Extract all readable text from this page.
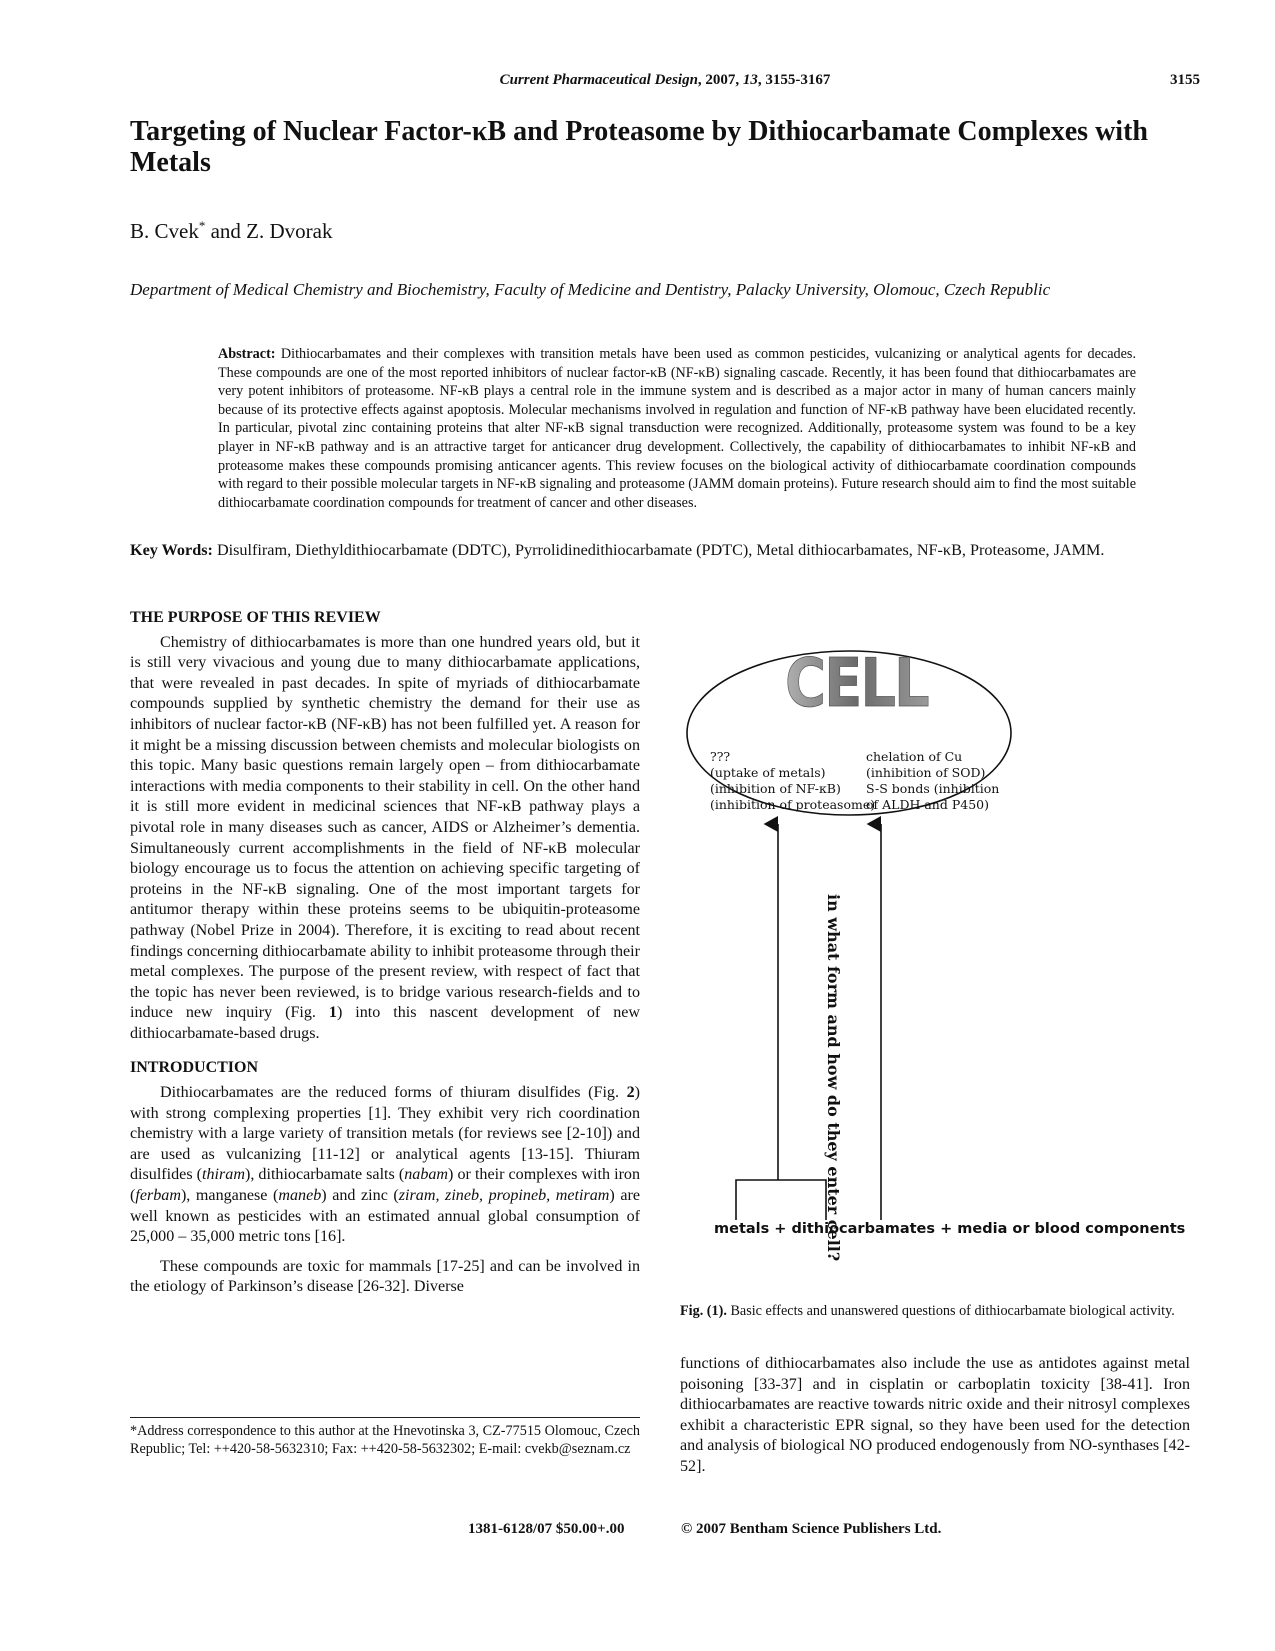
Current Pharmaceutical Design, 2007, 13, 3155-3167	3155
Targeting of Nuclear Factor-κB and Proteasome by Dithiocarbamate Complexes with Metals
B. Cvek* and Z. Dvorak
Department of Medical Chemistry and Biochemistry, Faculty of Medicine and Dentistry, Palacky University, Olomouc, Czech Republic
Abstract: Dithiocarbamates and their complexes with transition metals have been used as common pesticides, vulcanizing or analytical agents for decades. These compounds are one of the most reported inhibitors of nuclear factor-κB (NF-κB) signaling cascade. Recently, it has been found that dithiocarbamates are very potent inhibitors of proteasome. NF-κB plays a central role in the immune system and is described as a major actor in many of human cancers mainly because of its protective effects against apoptosis. Molecular mechanisms involved in regulation and function of NF-κB pathway have been elucidated recently. In particular, pivotal zinc containing proteins that alter NF-κB signal transduction were recognized. Additionally, proteasome system was found to be a key player in NF-κB pathway and is an attractive target for anticancer drug development. Collectively, the capability of dithiocarbamates to inhibit NF-κB and proteasome makes these compounds promising anticancer agents. This review focuses on the biological activity of dithiocarbamate coordination compounds with regard to their possible molecular targets in NF-κB signaling and proteasome (JAMM domain proteins). Future research should aim to find the most suitable dithiocarbamate coordination compounds for treatment of cancer and other diseases.
Key Words: Disulfiram, Diethyldithiocarbamate (DDTC), Pyrrolidinedithiocarbamate (PDTC), Metal dithiocarbamates, NF-κB, Proteasome, JAMM.
THE PURPOSE OF THIS REVIEW

Chemistry of dithiocarbamates is more than one hundred years old, but it is still very vivacious and young due to many dithiocarbamate applications, that were revealed in past decades. In spite of myriads of dithiocarbamate compounds supplied by synthetic chemistry the demand for their use as inhibitors of nuclear factor-κB (NF-κB) has not been fulfilled yet. A reason for it might be a missing discussion between chemists and molecular biologists on this topic. Many basic questions remain largely open – from dithiocarbamate interactions with media components to their stability in cell. On the other hand it is still more evident in medicinal sciences that NF-κB pathway plays a pivotal role in many diseases such as cancer, AIDS or Alzheimer’s dementia. Simultaneously current accomplishments in the field of NF-κB molecular biology encourage us to focus the attention on achieving specific targeting of proteins in the NF-κB signaling. One of the most important targets for antitumor therapy within these proteins seems to be ubiquitin-proteasome pathway (Nobel Prize in 2004). Therefore, it is exciting to read about recent findings concerning dithiocarbamate ability to inhibit proteasome through their metal complexes. The purpose of the present review, with respect of fact that the topic has never been reviewed, is to bridge various research-fields and to induce new inquiry (Fig. 1) into this nascent development of new dithiocarbamate-based drugs.

INTRODUCTION

Dithiocarbamates are the reduced forms of thiuram disulfides (Fig. 2) with strong complexing properties [1]. They exhibit very rich coordination chemistry with a large variety of transition metals (for reviews see [2-10]) and are used as vulcanizing [11-12] or analytical agents [13-15]. Thiuram disulfides (thiram), dithiocarbamate salts (nabam) or their complexes with iron (ferbam), manganese (maneb) and zinc (ziram, zineb, propineb, metiram) are well known as pesticides with an estimated annual global consumption of 25,000 – 35,000 metric tons [16].

These compounds are toxic for mammals [17-25] and can be involved in the etiology of Parkinson’s disease [26-32]. Diverse

CELL
???
(uptake of metals)
(inhibition of NF-κB)
(inhibition of proteasome)
chelation of Cu
(inhibition of SOD)
S-S bonds (inhibition
of ALDH and P450)
in what form and how do they enter cell?
metals + dithiocarbamates + media or blood components = ???
Fig. (1). Basic effects and unanswered questions of dithiocarbamate biological activity.

functions of dithiocarbamates also include the use as antidotes against metal poisoning [33-37] and in cisplatin or carboplatin toxicity [38-41]. Iron dithiocarbamates are reactive towards nitric oxide and their nitrosyl complexes exhibit a characteristic EPR signal, so they have been used for the detection and analysis of biological NO produced endogenously from NO-synthases [42-52].

*Address correspondence to this author at the Hnevotinska 3, CZ-77515 Olomouc, Czech Republic; Tel: ++420-58-5632310; Fax: ++420-58-5632302; E-mail: cvekb@seznam.cz
1381-6128/07 $50.00+.00	© 2007 Bentham Science Publishers Ltd.
